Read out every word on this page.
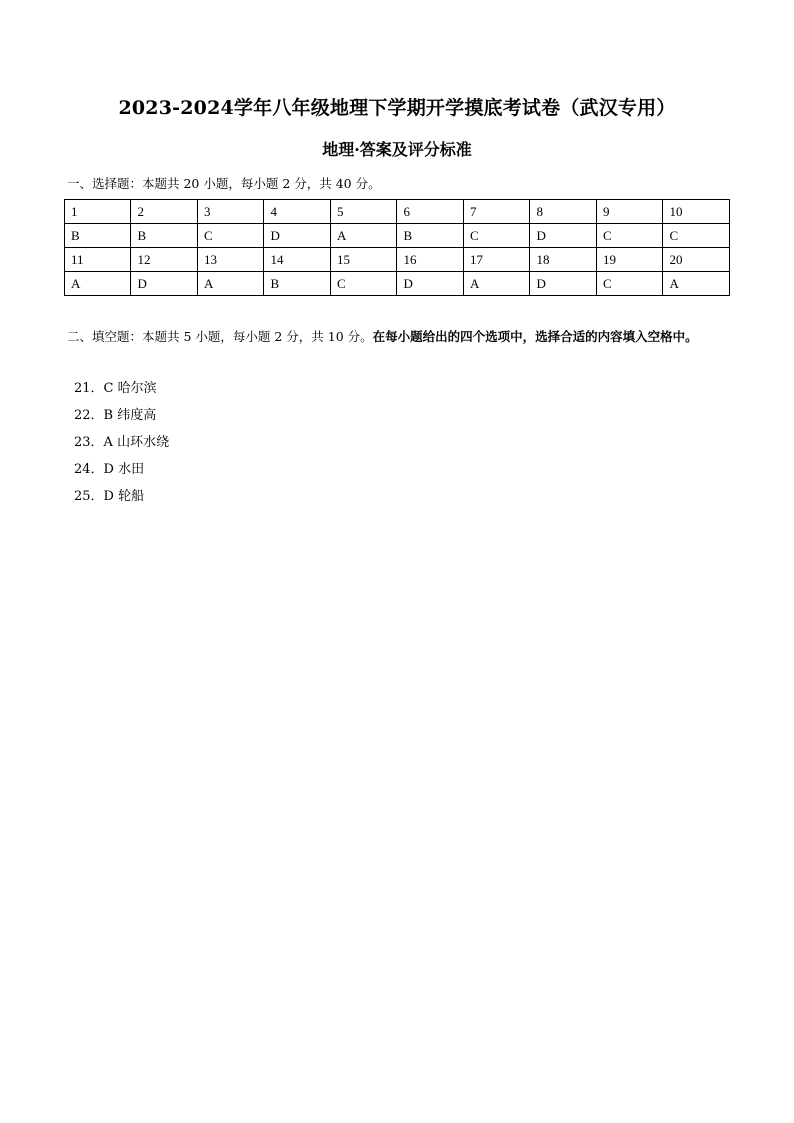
2023-2024学年八年级地理下学期开学摸底考试卷（武汉专用）
地理·答案及评分标准
一、选择题：本题共 20 小题，每小题 2 分，共 40 分。
1	2	3	4	5	6	7	8	9	10
B	B	C	D	A	B	C	D	C	C
11	12	13	14	15	16	17	18	19	20
A	D	A	B	C	D	A	D	C	A
二、填空题：本题共 5 小题，每小题 2 分，共 10 分。在每小题给出的四个选项中，选择合适的内容填入空格中。
21．C 哈尔滨
22．B 纬度高
23．A 山环水绕
24．D 水田
25．D 轮船
